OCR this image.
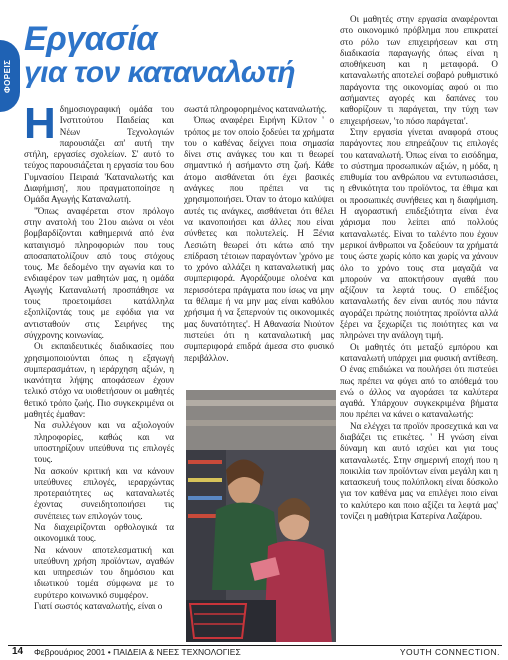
ΦΟΡΕΙΣ
Εργασία
για τον καταναλωτή

Ηδημοσιογραφική ομάδα του Ινστιτούτου Παιδείας και Νέων Τεχνολογιών παρουσιάζει απ' αυτή την στήλη, εργασίες σχολείων. Σ' αυτό το τεύχος παρουσιάζεται η εργασία του 6ου Γυμνασίου Πειραιά 'Καταναλωτής και Διαφήμιση', που πραγματοποίησε η Ομάδα Αγωγής Καταναλωτή.

"Όπως αναφέρεται στον πρόλογο στην ανατολή του 21ου αιώνα οι νέοι βομβαρδίζονται καθημερινά από ένα καταιγισμό πληροφοριών που τους αποσαπατολίζουν από τους στόχους τους. Με δεδομένο την αγωνία και το ενδιαφέρον των μαθητών μας, η ομάδα Αγωγής Καταναλωτή προσπάθησε να τους προετοιμάσει κατάλληλα εξοπλίζοντάς τους με εφόδια για να αντισταθούν στις Σειρήνες της σύγχρονης κοινωνίας.

Οι εκπαιδευτικές διαδικασίες που χρησιμοποιούνται όπως η εξαγωγή συμπερασμάτων, η ιεράρχηση αξιών, η ικανότητα λήψης αποφάσεων έχουν τελικό στόχο να υιοθετήσουν οι μαθητές θετικό τρόπο ζωής. Πιο συγκεκριμένα οι μαθητές έμαθαν:

Να συλλέγουν και να αξιολογούν πληροφορίες, καθώς και να υποστηρίζουν υπεύθυνα τις επιλογές τους.

Να ασκούν κριτική και να κάνουν υπεύθυνες επιλογές, ιεραρχώντας προτεραιότητες ως καταναλωτές έχοντας συνειδητοποιήσει τις συνέπειες των επιλογών τους.

Να διαχειρίζονται ορθολογικά τα οικονομικά τους.

Να κάνουν αποτελεσματική και υπεύθυνη χρήση προϊόντων, αγαθών και υπηρεσιών του δημόσιου και ιδιωτικού τομέα σύμφωνα με το ευρύτερο κοινωνικό συμφέρον.

Γιατί σωστός καταναλωτής, είναι ο

σωστά πληροφορημένος καταναλωτής.

Όπως αναφέρει Ειρήνη Κίλτον ' ο τρόπος με τον οποίο ξοδεύει τα χρήματα του ο καθένας δείχνει ποια σημασία δίνει στις ανάγκες του και τι θεωρεί σημαντικό ή ασήμαντο στη ζωή. Κάθε άτομο αισθάνεται ότι έχει βασικές ανάγκες που πρέπει να τις χρησιμοποιήσει. Όταν το άτομο καλύψει αυτές τις ανάγκες, αισθάνεται ότι θέλει να ικανοποιήσει και άλλες που είναι σύνθετες και πολυτελείς. Η Ξένια Λεσιώτη θεωρεί ότι κάτω από την επίδραση τέτοιων παραγόντων 'χρόνο με το χρόνο αλλάζει η καταναλωτική μας συμπεριφορά. Αγοράζουμε ολοένα και περισσότερα πράγματα που ίσως να μην τα θέλαμε ή να μην μας είναι καθόλου χρήσιμα ή να ξεπερνούν τις οικονομικές μας δυνατότητες'. Η Αθανασία Νιούτον πιστεύει ότι η καταναλωτική μας συμπεριφορά επιδρά άμεσα στο φυσικό περιβάλλον.

Οι μαθητές στην εργασία αναφέρονται στο οικονομικό πρόβλημα που επικρατεί στο ρόλο των επιχειρήσεων και στη διαδικασία παραγωγής όπως είναι η αποθήκευση και η μεταφορά. Ο καταναλωτής αποτελεί σοβαρό ρυθμιστικό παράγοντα της οικονομίας αφού οι πιο ασήμαντες αγορές και δαπάνες του καθορίζουν τι παράγεται, την τύχη των επιχειρήσεων, 'το πόσο παράγεται'.

Στην εργασία γίνεται αναφορά στους παράγοντες που επηρεάζουν τις επιλογές του καταναλωτή. Όπως είναι το εισόδημα, το σύστημα προσωπικών αξιών, η μόδα, η επιθυμία του ανθρώπου να εντυπωσιάσει, η εθνικότητα του προϊόντος, τα έθιμα και οι προσωπικές συνήθειες και η διαφήμιση. Η αγοραστική επιδεξιότητα είναι ένα χάρισμα που λείπει από πολλούς καταναλωτές. Είναι το ταλέντο που έχουν μερικοί άνθρωποι να ξοδεύουν τα χρήματά τους ώστε χωρίς κόπο και χωρίς να χάνουν όλο το χρόνο τους στα μαγαζιά να μπορούν να αποκτήσουν αγαθά που αξίζουν τα λεφτά τους. Ο επιδέξιος καταναλωτής δεν είναι αυτός που πάντα αγοράζει πρώτης ποιότητας προϊόντα αλλά ξέρει να ξεχωρίζει τις ποιότητες και να πληρώνει την ανάλογη τιμή.

Οι μαθητές ότι μεταξύ εμπόρου και καταναλωτή υπάρχει μια φυσική αντίθεση. Ο ένας επιδιώκει να πουλήσει ότι πιστεύει πως πρέπει να φύγει από το απόθεμά του ενώ ο άλλος να αγοράσει τα καλύτερα αγαθά. Υπάρχουν συγκεκριμένα βήματα που πρέπει να κάνει ο καταναλωτής:

Να ελέγχει τα προϊόν προσεχτικά και να διαβάζει τις ετικέτες. ' Η γνώση είναι δύναμη και αυτό ισχύει και για τους καταναλωτές. Στην σημερινή εποχή που η ποικιλία των προϊόντων είναι μεγάλη και η κατασκευή τους πολύπλοκη είναι δύσκολο για τον καθένα μας να επιλέγει ποιο είναι το καλύτερο και ποιο αξίζει τα λεφτά μας' τονίζει η μαθήτρια Κατερίνα Λαζάρου.

14 Φεβρουάριος 2001 • ΠΑΙΔΕΙΑ & ΝΕΕΣ ΤΕΧΝΟΛΟΓΙΕΣ	YOUTH CONNECTION.
